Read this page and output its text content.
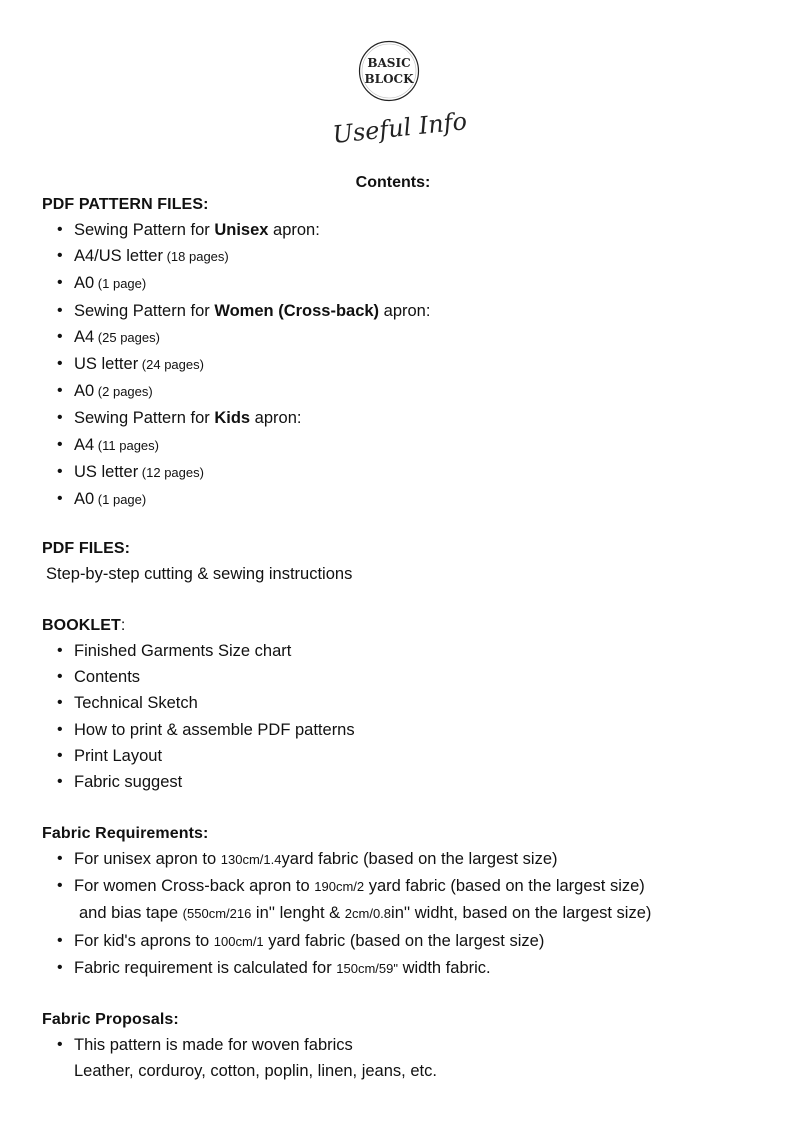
BASIC
BLOCK
Useful Info
Contents:
PDF PATTERN FILES:
• Sewing Pattern for Unisex apron:
• A4/US letter (18 pages)
• A0 (1 page)
• Sewing Pattern for Women (Cross-back) apron:
• A4 (25 pages)
• US letter (24 pages)
• A0 (2 pages)
• Sewing Pattern for Kids apron:
• A4 (11 pages)
• US letter (12 pages)
• A0 (1 page)
PDF FILES:
Step-by-step cutting & sewing instructions
BOOKLET:
• Finished Garments Size chart
• Contents
• Technical Sketch
• How to print & assemble PDF patterns
• Print Layout
• Fabric suggest
Fabric Requirements:
• For unisex apron to 130cm/1.4yard fabric (based on the largest size)
• For women Cross-back apron to 190cm/2 yard fabric (based on the largest size)
and bias tape (550cm/216 in'' lenght & 2cm/0.8in'' widht, based on the largest size)
• For kid's aprons to 100cm/1 yard fabric (based on the largest size)
• Fabric requirement is calculated for 150cm/59" width fabric.
Fabric Proposals:
• This pattern is made for woven fabrics
Leather, corduroy, cotton, poplin, linen, jeans, etc.
